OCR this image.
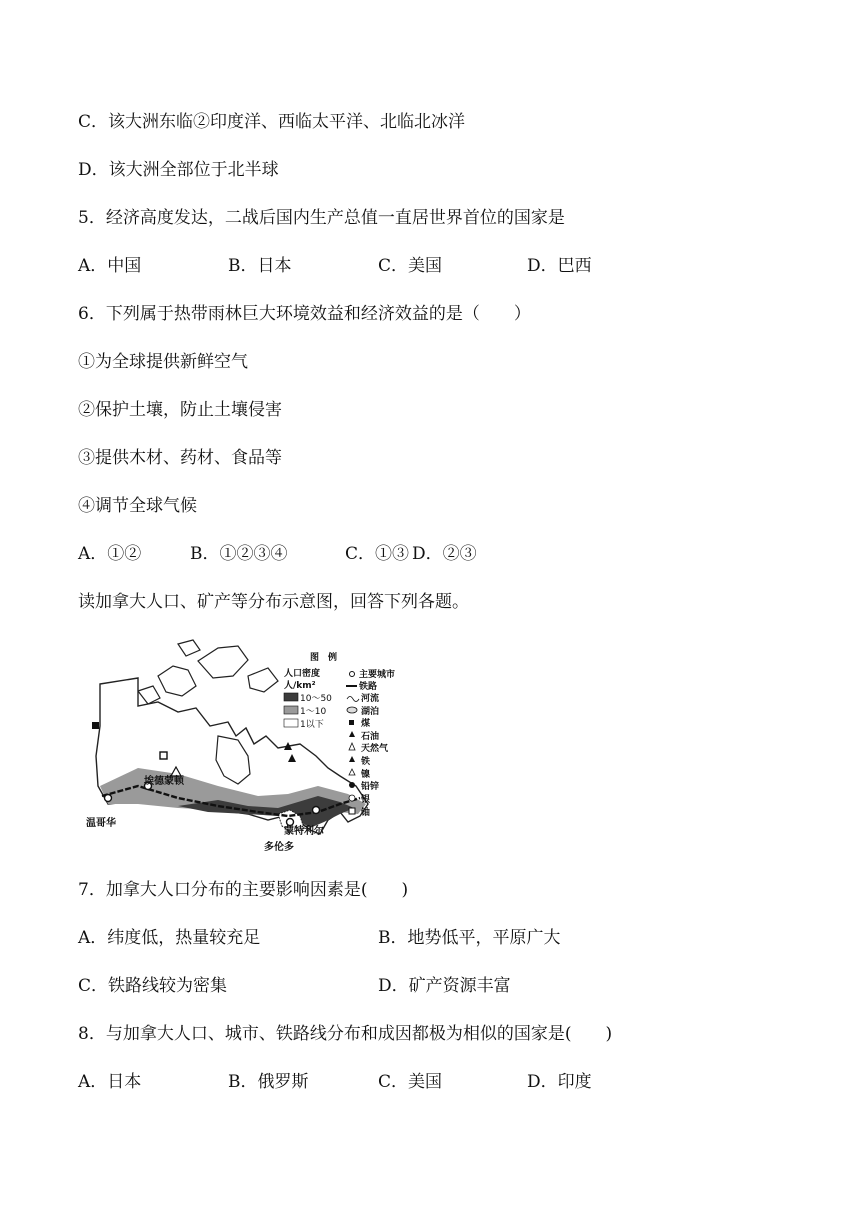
C．该大洲东临②印度洋、西临太平洋、北临北冰洋
D．该大洲全部位于北半球
5．经济高度发达，二战后国内生产总值一直居世界首位的国家是
A．中国	B．日本	C．美国	D．巴西
6．下列属于热带雨林巨大环境效益和经济效益的是（　　）
①为全球提供新鲜空气
②保护土壤，防止土壤侵害
③提供木材、药材、食品等
④调节全球气候
A．①②	B．①②③④	C．①③ D．②③
读加拿大人口、矿产等分布示意图，回答下列各题。
埃德蒙顿
温哥华
蒙特利尔
多伦多
图　例
人口密度
人/km²
10～50
1～10
1以下
主要城市
铁路
河流
湖泊
煤
石油
天然气
铁
镍
铅锌
银
铀
7．加拿大人口分布的主要影响因素是(　　)
A．纬度低，热量较充足	B．地势低平，平原广大
C．铁路线较为密集	D．矿产资源丰富
8．与加拿大人口、城市、铁路线分布和成因都极为相似的国家是(　　)
A．日本	B．俄罗斯	C．美国	D．印度
